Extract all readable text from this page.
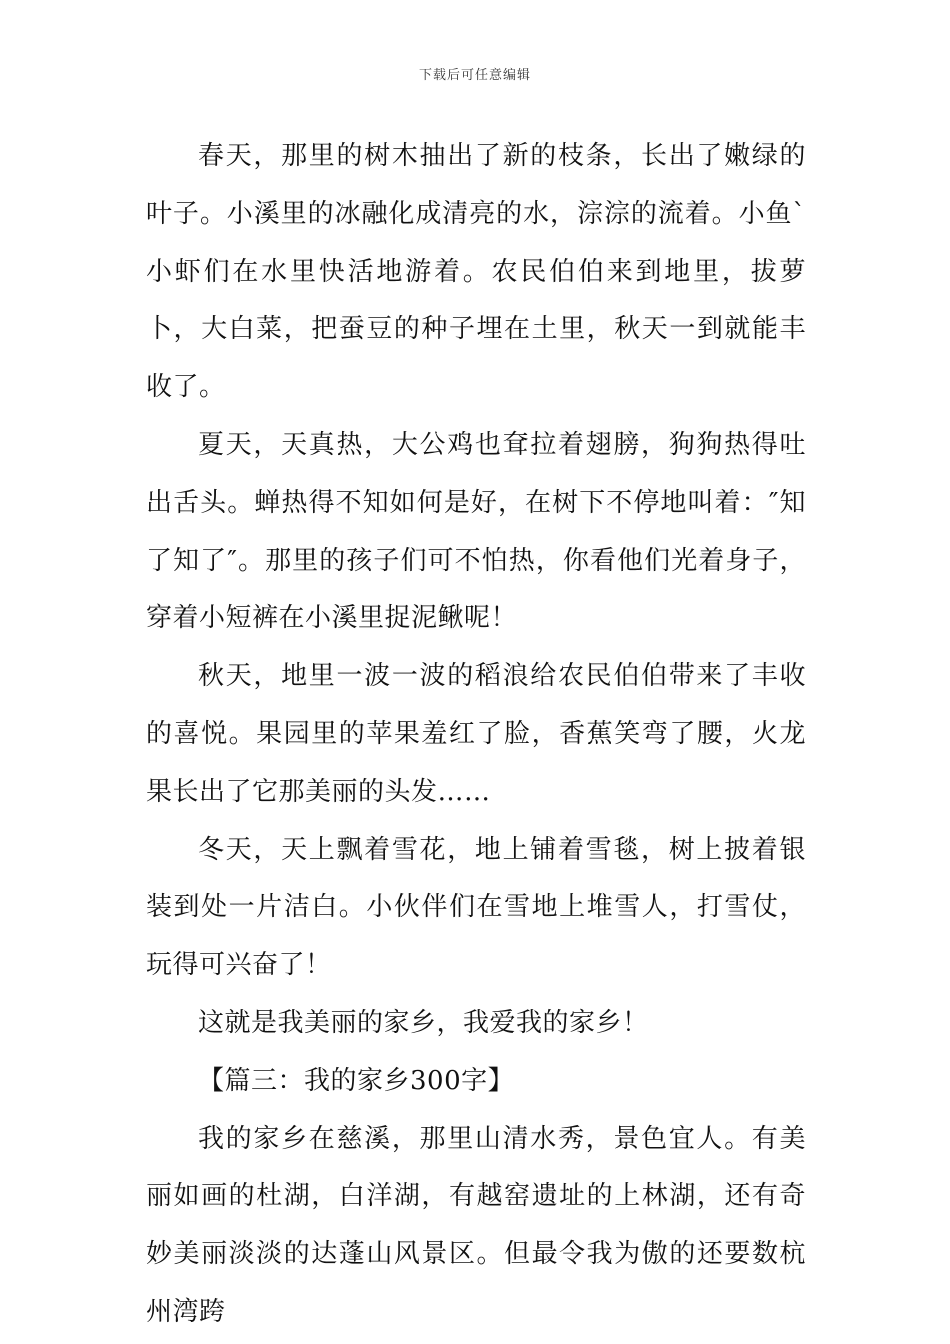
下载后可任意编辑

春天，那里的树木抽出了新的枝条，长出了嫩绿的叶子。小溪里的冰融化成清亮的水，淙淙的流着。小鱼`小虾们在水里快活地游着。农民伯伯来到地里，拔萝卜，大白菜，把蚕豆的种子埋在土里，秋天一到就能丰收了。

夏天，天真热，大公鸡也耷拉着翅膀，狗狗热得吐出舌头。蝉热得不知如何是好，在树下不停地叫着：″知了知了″。那里的孩子们可不怕热，你看他们光着身子，穿着小短裤在小溪里捉泥鳅呢！

秋天，地里一波一波的稻浪给农民伯伯带来了丰收的喜悦。果园里的苹果羞红了脸，香蕉笑弯了腰，火龙果长出了它那美丽的头发……

冬天，天上飘着雪花，地上铺着雪毯，树上披着银装到处一片洁白。小伙伴们在雪地上堆雪人，打雪仗，玩得可兴奋了！

这就是我美丽的家乡，我爱我的家乡！

【篇三：我的家乡300字】

我的家乡在慈溪，那里山清水秀，景色宜人。有美丽如画的杜湖，白洋湖，有越窑遗址的上林湖，还有奇妙美丽淡淡的达蓬山风景区。但最令我为傲的还要数杭州湾跨
